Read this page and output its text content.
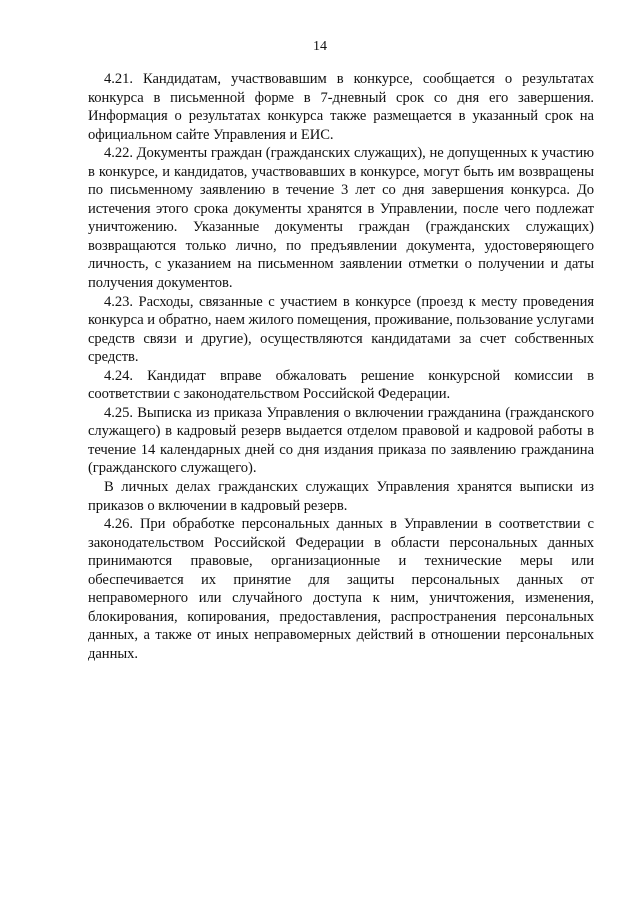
14

4.21. Кандидатам, участвовавшим в конкурсе, сообщается о результатах конкурса в письменной форме в 7-дневный срок со дня его завершения. Информация о результатах конкурса также размещается в указанный срок на официальном сайте Управления и ЕИС.

4.22. Документы граждан (гражданских служащих), не допущенных к участию в конкурсе, и кандидатов, участвовавших в конкурсе, могут быть им возвращены по письменному заявлению в течение 3 лет со дня завершения конкурса. До истечения этого срока документы хранятся в Управлении, после чего подлежат уничтожению. Указанные документы граждан (гражданских служащих) возвращаются только лично, по предъявлении документа, удостоверяющего личность, с указанием на письменном заявлении отметки о получении и даты получения документов.

4.23. Расходы, связанные с участием в конкурсе (проезд к месту проведения конкурса и обратно, наем жилого помещения, проживание, пользование услугами средств связи и другие), осуществляются кандидатами за счет собственных средств.

4.24. Кандидат вправе обжаловать решение конкурсной комиссии в соответствии с законодательством Российской Федерации.

4.25. Выписка из приказа Управления о включении гражданина (гражданского служащего) в кадровый резерв выдается отделом правовой и кадровой работы в течение 14 календарных дней со дня издания приказа по заявлению гражданина (гражданского служащего).

В личных делах гражданских служащих Управления хранятся выписки из приказов о включении в кадровый резерв.

4.26. При обработке персональных данных в Управлении в соответствии с законодательством Российской Федерации в области персональных данных принимаются правовые, организационные и технические меры или обеспечивается их принятие для защиты персональных данных от неправомерного или случайного доступа к ним, уничтожения, изменения, блокирования, копирования, предоставления, распространения персональных данных, а также от иных неправомерных действий в отношении персональных данных.
